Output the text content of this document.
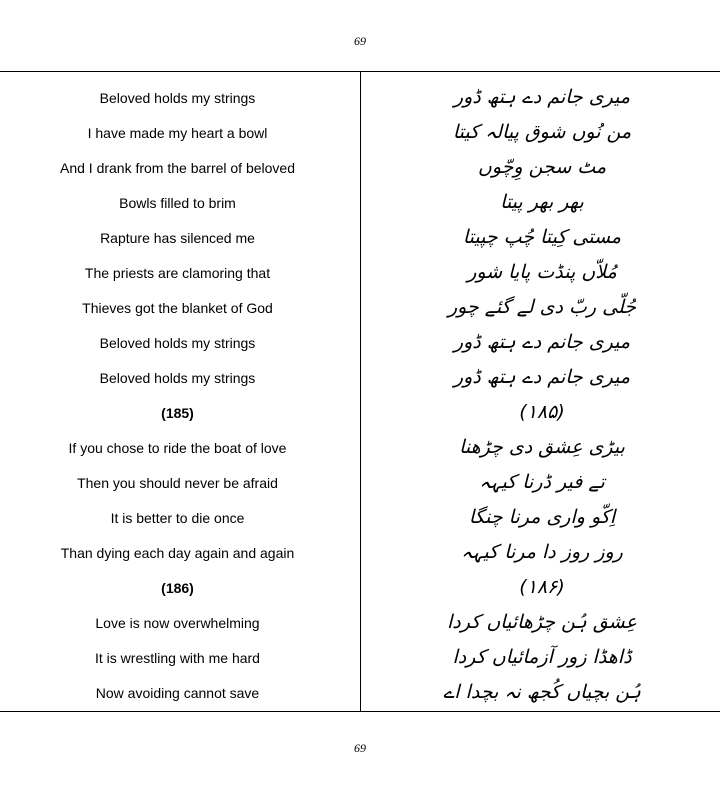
69
Beloved holds my strings
I have made my heart a bowl
And I drank from the barrel of beloved
Bowls filled to brim
Rapture has silenced me
The priests are clamoring that
Thieves got the blanket of God
Beloved holds my strings
Beloved holds my strings
(185)
If you chose to ride the boat of love
Then you should never be afraid
It is better to die once
Than dying each day again and again
(186)
Love is now overwhelming
It is wrestling with me hard
Now avoiding cannot save
میری جانم دے ہتھ ڈور
من نُوں شوق پیالہ کیتا
مٹ سجن وِچّوں
بھر بھر پیتا
مستی کِیتا چُپ چپیتا
مُلاّں پنڈت پایا شور
جُلّی ربّ دی لے گئے چور
میری جانم دے ہتھ ڈور
میری جانم دے ہتھ ڈور
(۱۸۵)
بیڑی عِشق دی چڑھنا
تے فیر ڈرنا کیہہ
اِکّو واری مرنا چنگا
روز روز دا مرنا کیہہ
(۱۸۶)
عِشق ہُن چڑھائیاں کردا
ڈاھڈا زور آزمائیاں کردا
ہُن بچیاں کُجھ نہ بچدا اے
69
